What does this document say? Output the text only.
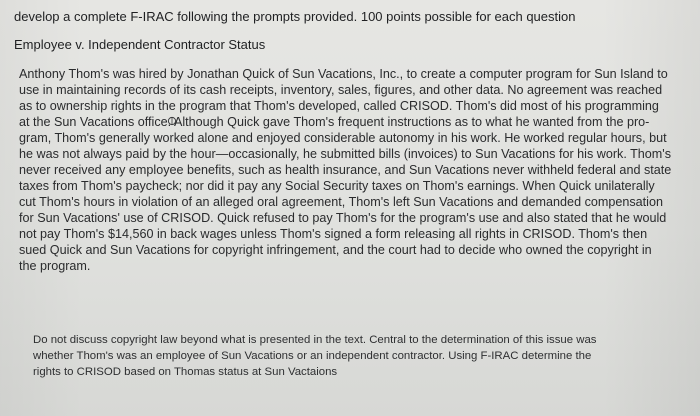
develop a complete F-IRAC following the prompts provided. 100 points possible for each question
Employee v. Independent Contractor Status
Anthony Thom's was hired by Jonathan Quick of Sun Vacations, Inc., to create a computer program for Sun Island to
use in maintaining records of its cash receipts, inventory, sales, figures, and other data. No agreement was reached
as to ownership rights in the program that Thom's developed, called CRISOD. Thom's did most of his programming
at the Sun Vacations office. Although Quick gave Thom's frequent instructions as to what he wanted from the pro-
gram, Thom's generally worked alone and enjoyed considerable autonomy in his work. He worked regular hours, but
he was not always paid by the hour—occasionally, he submitted bills (invoices) to Sun Vacations for his work. Thom's
never received any employee benefits, such as health insurance, and Sun Vacations never withheld federal and state
taxes from Thom's paycheck; nor did it pay any Social Security taxes on Thom's earnings. When Quick unilaterally
cut Thom's hours in violation of an alleged oral agreement, Thom's left Sun Vacations and demanded compensation
for Sun Vacations' use of CRISOD. Quick refused to pay Thom's for the program's use and also stated that he would
not pay Thom's $14,560 in back wages unless Thom's signed a form releasing all rights in CRISOD. Thom's then
sued Quick and Sun Vacations for copyright infringement, and the court had to decide who owned the copyright in
the program.
Do not discuss copyright law beyond what is presented in the text. Central to the determination of this issue was
whether Thom's was an employee of Sun Vacations or an independent contractor. Using F-IRAC determine the
rights to CRISOD based on Thomas status at Sun Vactaions
